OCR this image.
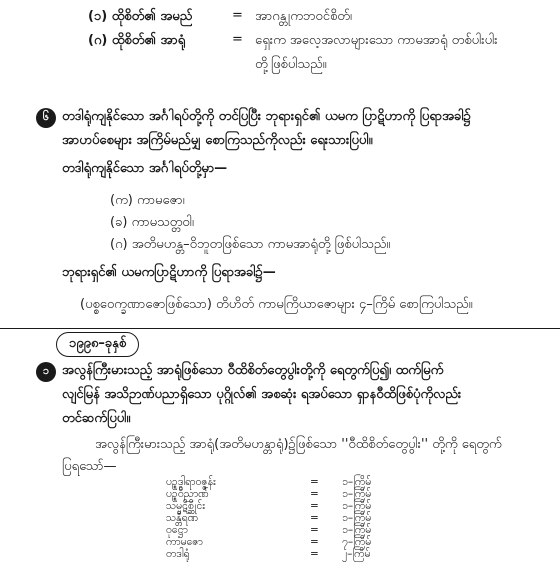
(၁) ထိုစိတ်၏ အမည်	= အာဂန္တုကဘဝင်စိတ်၊
(ဂ) ထိုစိတ်၏ အာရုံ	= ရှေးက အလေ့အလာများသော ကာမအာရုံ တစ်ပါးပါး
တို့ဖြစ်ပါသည်။
၆ တဒါရုံကျနိုင်သော အင်္ဂါရပ်တို့ကို တင်ပြပြီး ဘုရားရှင်၏ ယမက ပြာဋိဟာကို ပြရာအခါ၌
အာဟပ်စေများ အကြိမ်မည်မျှ စောကြသည်ကိုလည်း ရေးသားပြပါ။
တဒါရုံကျနိုင်သော အင်္ဂါရပ်တို့မှာ—
(က) ကာမဇော၊
(ခ) ကာမသတ္တဝါ၊
(ဂ) အတိမဟန္တ–ဝိဘူတဖြစ်သော ကာမအာရုံတို့ ဖြစ်ပါသည်။
ဘုရားရှင်၏ ယမကပြာဋိဟာကို ပြရာအခါ၌—
(ပစ္စဝေက္ခဏာဇောဖြစ်သော) တိဟိတ် ကာမကြိယာဇောများ ၄–ကြိမ် စောကြပါသည်။
၁၉၉၈–ခုနှစ်
၁ အလွန်ကြီးမားသည့် အာရုံဖြစ်သော ဝီထိစိတ်တွေပွါးတို့ကို ရေတွက်ပြ၍၊ ထက်မြက်
လျင်မြန် အသိဉာဏ်ပညာရှိသော ပုဂ္ဂိုလ်၏ အစဆုံး ရအပ်သော ရှာနဝီထိဖြစ်ပုံကိုလည်း
တင်ဆက်ပြပါ။
အလွန်ကြီးမားသည့် အာရုံ(အတိမဟန္တာရုံ)၌ဖြစ်သော ''ဝီထိစိတ်တွေပွါး'' တို့ကို ရေတွက်
ပြရသော်—
ပဉ္စဒွါရာဝဇ္ဇန်း	= ၁–ကြိမ်
ပဉ္စဝိညာဏ်	= ၁–ကြိမ်
သမ္ပဋိစ္ဆိုင်း	= ၁–ကြိမ်
သန္တီရဏ	= ၁–ကြိမ်
ဝုဋ္ဌော	= ၁–ကြိမ်
ကာမဇော	= ၇–ကြိမ်
တဒါရုံ	= ၂–ကြိမ်
